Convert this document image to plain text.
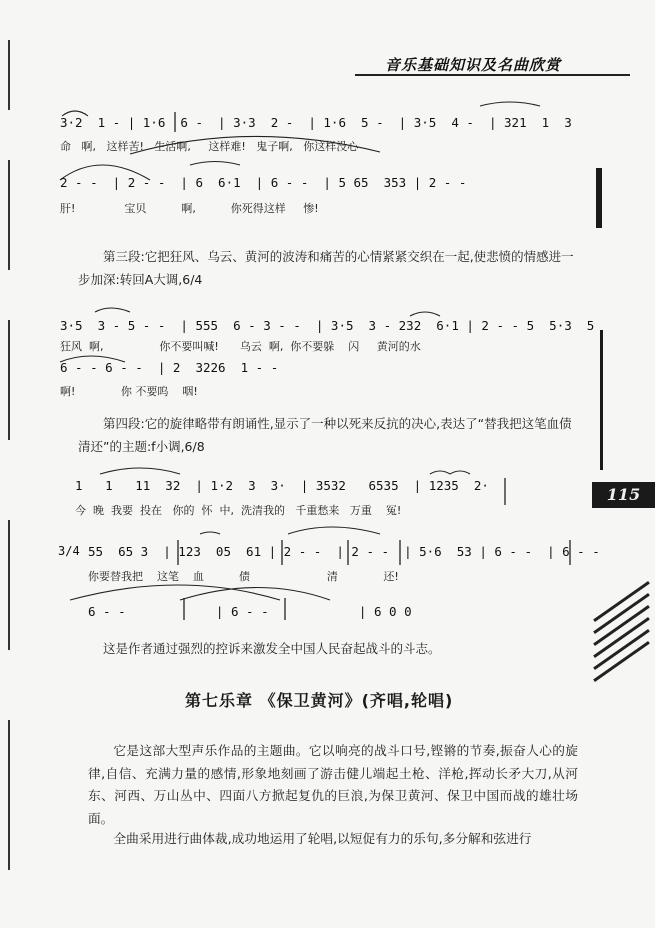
音乐基础知识及名曲欣赏
115
3·2  1 - | 1·6  6 -  | 3·3  2 -  | 1·6  5 -  | 3·5  4 -  | 321  1  3
命   啊,   这样苦!   生活啊,     这样难!   鬼子啊,   你这样没心
2 - -  | 2 - -  | 6  6·1  | 6 - -  | 5 65  353 | 2 - -
肝!              宝贝          啊,          你死得这样     惨!
第三段:它把狂风、乌云、黄河的波涛和痛苦的心情紧紧交织在一起,使悲愤的情感进一步加深:转回A大调,6/4
3·5  3 - 5 - -  | 555  6 - 3 - -  | 3·5  3 - 232  6·1 | 2 - - 5  5·3  5
狂风  啊,                你不要叫喊!      乌云  啊,  你不要躲    闪     黄河的水
6 - - 6 - -  | 2  3226  1 - -
啊!             你 不要呜    咽!
第四段:它的旋律略带有朗诵性,显示了一种以死来反抗的决心,表达了“替我把这笔血债清还”的主题:f小调,6/8
1   1   11  32  | 1·2  3  3·  | 3532   6535  | 1235  2·
今  晚  我要  投在   你的  怀  中,  洗清我的   千重愁来   万重    冤!
3/4 55  65 3  | 123  05  61 | 2 - -  | 2 - -  | 5·6  53 | 6 - -  | 6 - -
你要替我把    这笔    血          债                      清             还!
6 - -            | 6 - -            | 6 0 0
这是作者通过强烈的控诉来激发全中国人民奋起战斗的斗志。
第七乐章 《保卫黄河》(齐唱,轮唱)
它是这部大型声乐作品的主题曲。它以响亮的战斗口号,铿锵的节奏,振奋人心的旋律,自信、充满力量的感情,形象地刻画了游击健儿端起土枪、洋枪,挥动长矛大刀,从河东、河西、万山丛中、四面八方掀起复仇的巨浪,为保卫黄河、保卫中国而战的雄壮场面。
全曲采用进行曲体裁,成功地运用了轮唱,以短促有力的乐句,多分解和弦进行
